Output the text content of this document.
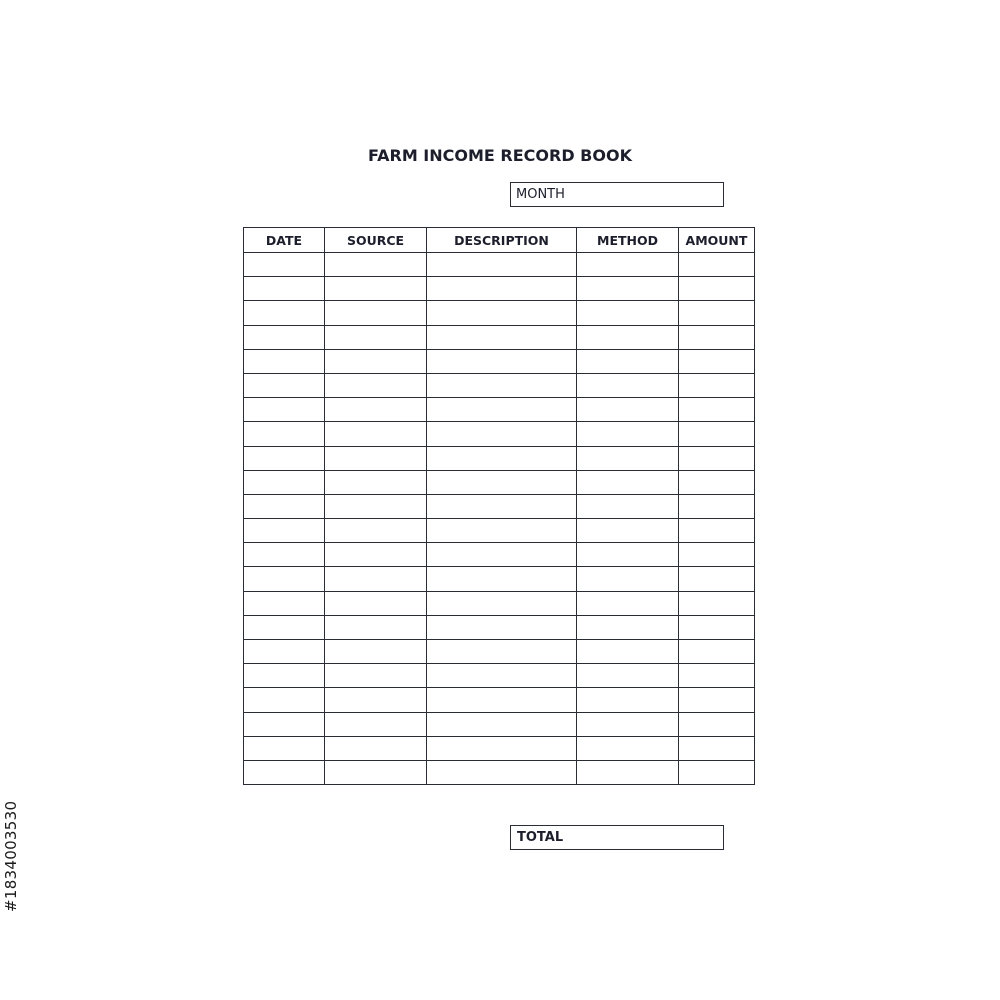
FARM INCOME RECORD BOOK
MONTH
DATE	SOURCE	DESCRIPTION	METHOD	AMOUNT

TOTAL
#1834003530
